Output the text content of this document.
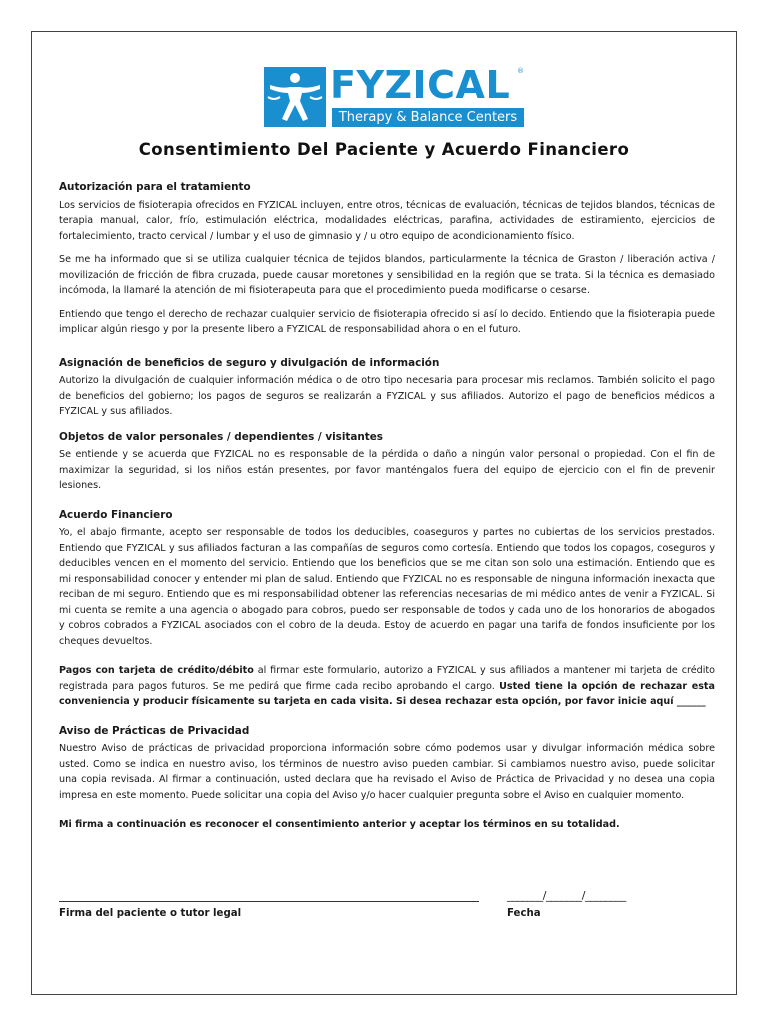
FYZICAL ®
Therapy & Balance Centers
Consentimiento Del Paciente y Acuerdo Financiero
Autorización para el tratamiento

Los servicios de fisioterapia ofrecidos en FYZICAL incluyen, entre otros, técnicas de evaluación, técnicas de tejidos blandos, técnicas de terapia manual, calor, frío, estimulación eléctrica, modalidades eléctricas, parafina, actividades de estiramiento, ejercicios de fortalecimiento, tracto cervical / lumbar y el uso de gimnasio y / u otro equipo de acondicionamiento físico.

Se me ha informado que si se utiliza cualquier técnica de tejidos blandos, particularmente la técnica de Graston / liberación activa / movilización de fricción de fibra cruzada, puede causar moretones y sensibilidad en la región que se trata. Si la técnica es demasiado incómoda, la llamaré la atención de mi fisioterapeuta para que el procedimiento pueda modificarse o cesarse.

Entiendo que tengo el derecho de rechazar cualquier servicio de fisioterapia ofrecido si así lo decido. Entiendo que la fisioterapia puede implicar algún riesgo y por la presente libero a FYZICAL de responsabilidad ahora o en el futuro.

Asignación de beneficios de seguro y divulgación de información

Autorizo la divulgación de cualquier información médica o de otro tipo necesaria para procesar mis reclamos. También solicito el pago de beneficios del gobierno; los pagos de seguros se realizarán a FYZICAL y sus afiliados. Autorizo el pago de beneficios médicos a FYZICAL y sus afiliados.

Objetos de valor personales / dependientes / visitantes

Se entiende y se acuerda que FYZICAL no es responsable de la pérdida o daño a ningún valor personal o propiedad. Con el fin de maximizar la seguridad, si los niños están presentes, por favor manténgalos fuera del equipo de ejercicio con el fin de prevenir lesiones.

Acuerdo Financiero

Yo, el abajo firmante, acepto ser responsable de todos los deducibles, coaseguros y partes no cubiertas de los servicios prestados. Entiendo que FYZICAL y sus afiliados facturan a las compañías de seguros como cortesía. Entiendo que todos los copagos, coseguros y deducibles vencen en el momento del servicio. Entiendo que los beneficios que se me citan son solo una estimación. Entiendo que es mi responsabilidad conocer y entender mi plan de salud. Entiendo que FYZICAL no es responsable de ninguna información inexacta que reciban de mi seguro. Entiendo que es mi responsabilidad obtener las referencias necesarias de mi médico antes de venir a FYZICAL. Si mi cuenta se remite a una agencia o abogado para cobros, puedo ser responsable de todos y cada uno de los honorarios de abogados y cobros cobrados a FYZICAL asociados con el cobro de la deuda. Estoy de acuerdo en pagar una tarifa de fondos insuficiente por los cheques devueltos.

Pagos con tarjeta de crédito/débito al firmar este formulario, autorizo a FYZICAL y sus afiliados a mantener mi tarjeta de crédito registrada para pagos futuros. Se me pedirá que firme cada recibo aprobando el cargo. Usted tiene la opción de rechazar esta conveniencia y producir físicamente su tarjeta en cada visita. Si desea rechazar esta opción, por favor inicie aquí ______

Aviso de Prácticas de Privacidad

Nuestro Aviso de prácticas de privacidad proporciona información sobre cómo podemos usar y divulgar información médica sobre usted. Como se indica en nuestro aviso, los términos de nuestro aviso pueden cambiar. Si cambiamos nuestro aviso, puede solicitar una copia revisada. Al firmar a continuación, usted declara que ha revisado el Aviso de Práctica de Privacidad y no desea una copia impresa en este momento. Puede solicitar una copia del Aviso y/o hacer cualquier pregunta sobre el Aviso en cualquier momento.

Mi firma a continuación es reconocer el consentimiento anterior y aceptar los términos en su totalidad.

Firma del paciente o tutor legal
_______/_______/________
Fecha
